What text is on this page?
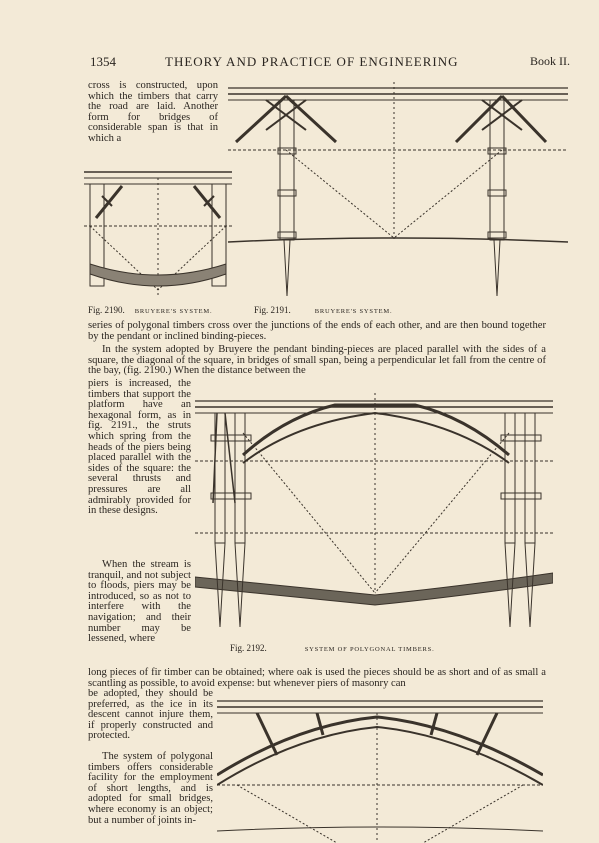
1354	THEORY AND PRACTICE OF ENGINEERING	Book II.

cross is constructed, upon which the timbers that carry the road are laid. Another form for bridges of considerable span is that in which a

Fig. 2190. BRUYERE'S SYSTEM.	Fig. 2191.	BRUYERE'S SYSTEM.

series of polygonal timbers cross over the junctions of the ends of each other, and are then bound together by the pendant or inclined binding-pieces.

In the system adopted by Bruyere the pendant binding-pieces are placed parallel with the sides of a square, the diagonal of the square, in bridges of small span, being a perpendicular let fall from the centre of the bay, (fig. 2190.) When the distance between the

piers is increased, the timbers that support the platform have an hexagonal form, as in fig. 2191., the struts which spring from the heads of the piers being placed parallel with the sides of the square: the several thrusts and pressures are all admirably provided for in these designs.

When the stream is tranquil, and not subject to floods, piers may be introduced, so as not to interfere with the navigation; and their number may be lessened, where

Fig. 2192.	SYSTEM OF POLYGONAL TIMBERS.

long pieces of fir timber can be obtained; where oak is used the pieces should be as short and of as small a scantling as possible, to avoid expense: but whenever piers of masonry can

be adopted, they should be preferred, as the ice in its descent cannot injure them, if properly constructed and protected.

The system of polygonal timbers offers considerable facility for the employment of short lengths, and is adopted for small bridges, where economy is an object; but a number of joints in-
